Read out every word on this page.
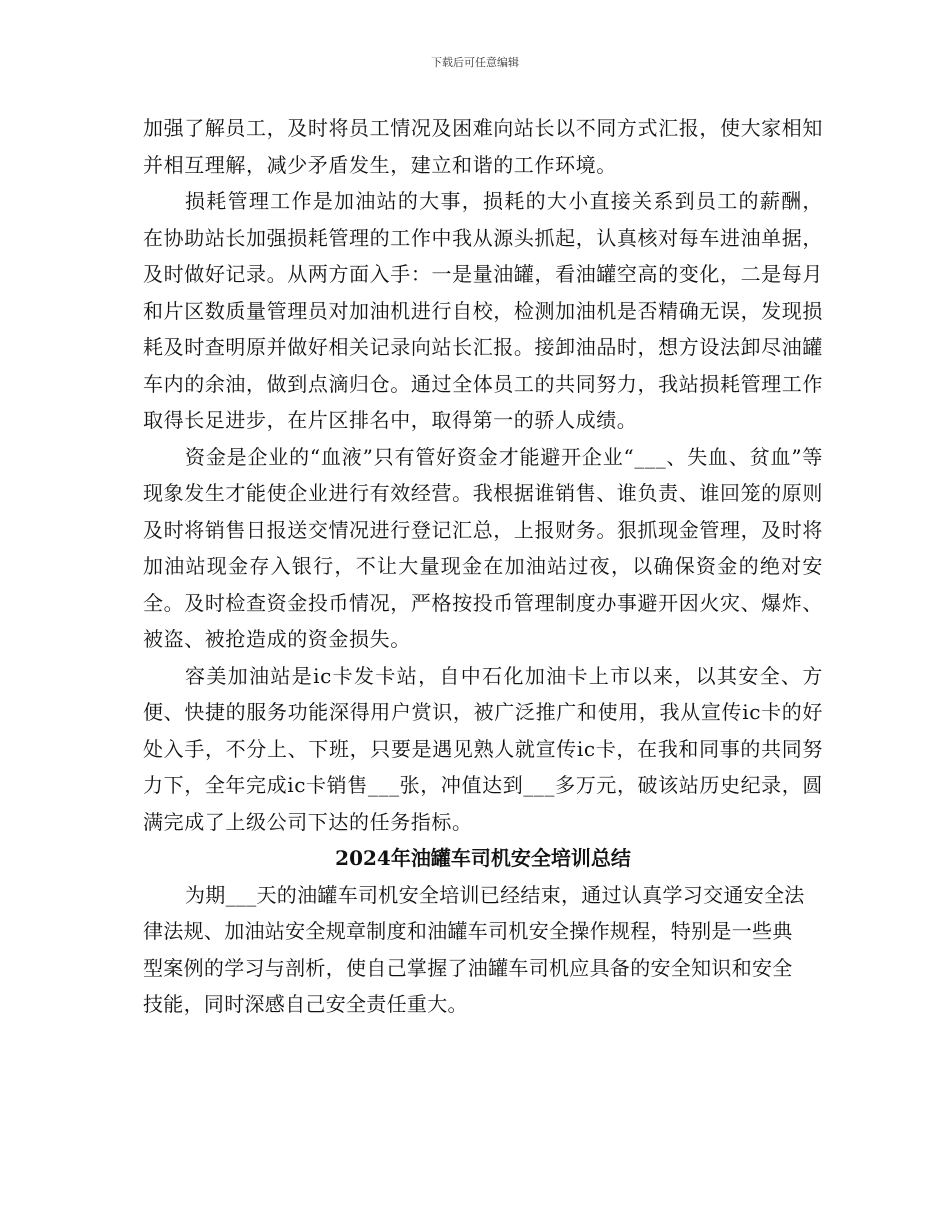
下载后可任意编辑

加强了解员工，及时将员工情况及困难向站长以不同方式汇报，使大家相知并相互理解，减少矛盾发生，建立和谐的工作环境。

损耗管理工作是加油站的大事，损耗的大小直接关系到员工的薪酬，在协助站长加强损耗管理的工作中我从源头抓起，认真核对每车进油单据，及时做好记录。从两方面入手：一是量油罐，看油罐空高的变化，二是每月和片区数质量管理员对加油机进行自校，检测加油机是否精确无误，发现损耗及时查明原并做好相关记录向站长汇报。接卸油品时，想方设法卸尽油罐车内的余油，做到点滴归仓。通过全体员工的共同努力，我站损耗管理工作取得长足进步，在片区排名中，取得第一的骄人成绩。

资金是企业的“血液”只有管好资金才能避开企业“___、失血、贫血”等现象发生才能使企业进行有效经营。我根据谁销售、谁负责、谁回笼的原则及时将销售日报送交情况进行登记汇总，上报财务。狠抓现金管理，及时将加油站现金存入银行，不让大量现金在加油站过夜，以确保资金的绝对安全。及时检查资金投币情况，严格按投币管理制度办事避开因火灾、爆炸、被盗、被抢造成的资金损失。

容美加油站是ic卡发卡站，自中石化加油卡上市以来，以其安全、方便、快捷的服务功能深得用户赏识，被广泛推广和使用，我从宣传ic卡的好处入手，不分上、下班，只要是遇见熟人就宣传ic卡，在我和同事的共同努力下，全年完成ic卡销售___张，冲值达到___多万元，破该站历史纪录，圆满完成了上级公司下达的任务指标。

2024年油罐车司机安全培训总结

为期___天的油罐车司机安全培训已经结束，通过认真学习交通安全法律法规、加油站安全规章制度和油罐车司机安全操作规程，特别是一些典型案例的学习与剖析，使自己掌握了油罐车司机应具备的安全知识和安全技能，同时深感自己安全责任重大。
